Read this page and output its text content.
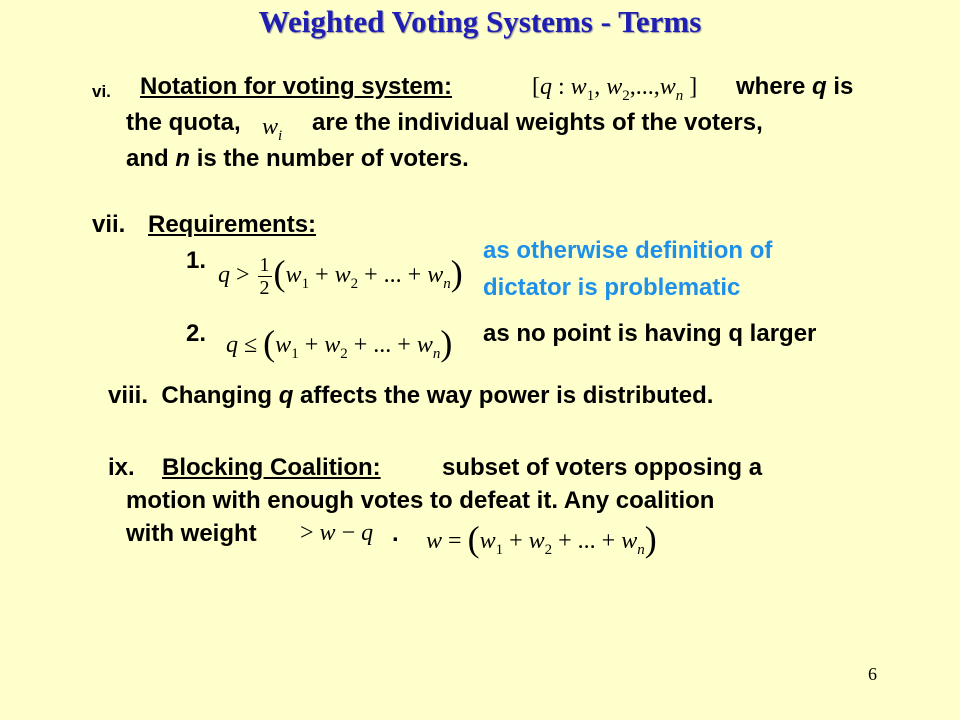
Weighted Voting Systems - Terms
vi. Notation for voting system:	[q : $w_1$, $w_2,...,w_n$ ] where q is
the quota, $w_i$ are the individual weights of the voters,
and n is the number of voters.
vii. Requirements:
1.
$q > \frac{1}{2} (w_1 + w_2$ + ... + $w_n$)
as otherwise definition of
dictator is problematic
2. $q \le (w_1 + w_2$ + ... + $w_n$) as no point is having q larger
viii. Changing q affects the way power is distributed.
ix. Blocking Coalition:	subset of voters opposing a
motion with enough votes to defeat it. Any coalition
with weight > w − q . $w = (w_1 + w_2$ + ... + $w_n$)
6
